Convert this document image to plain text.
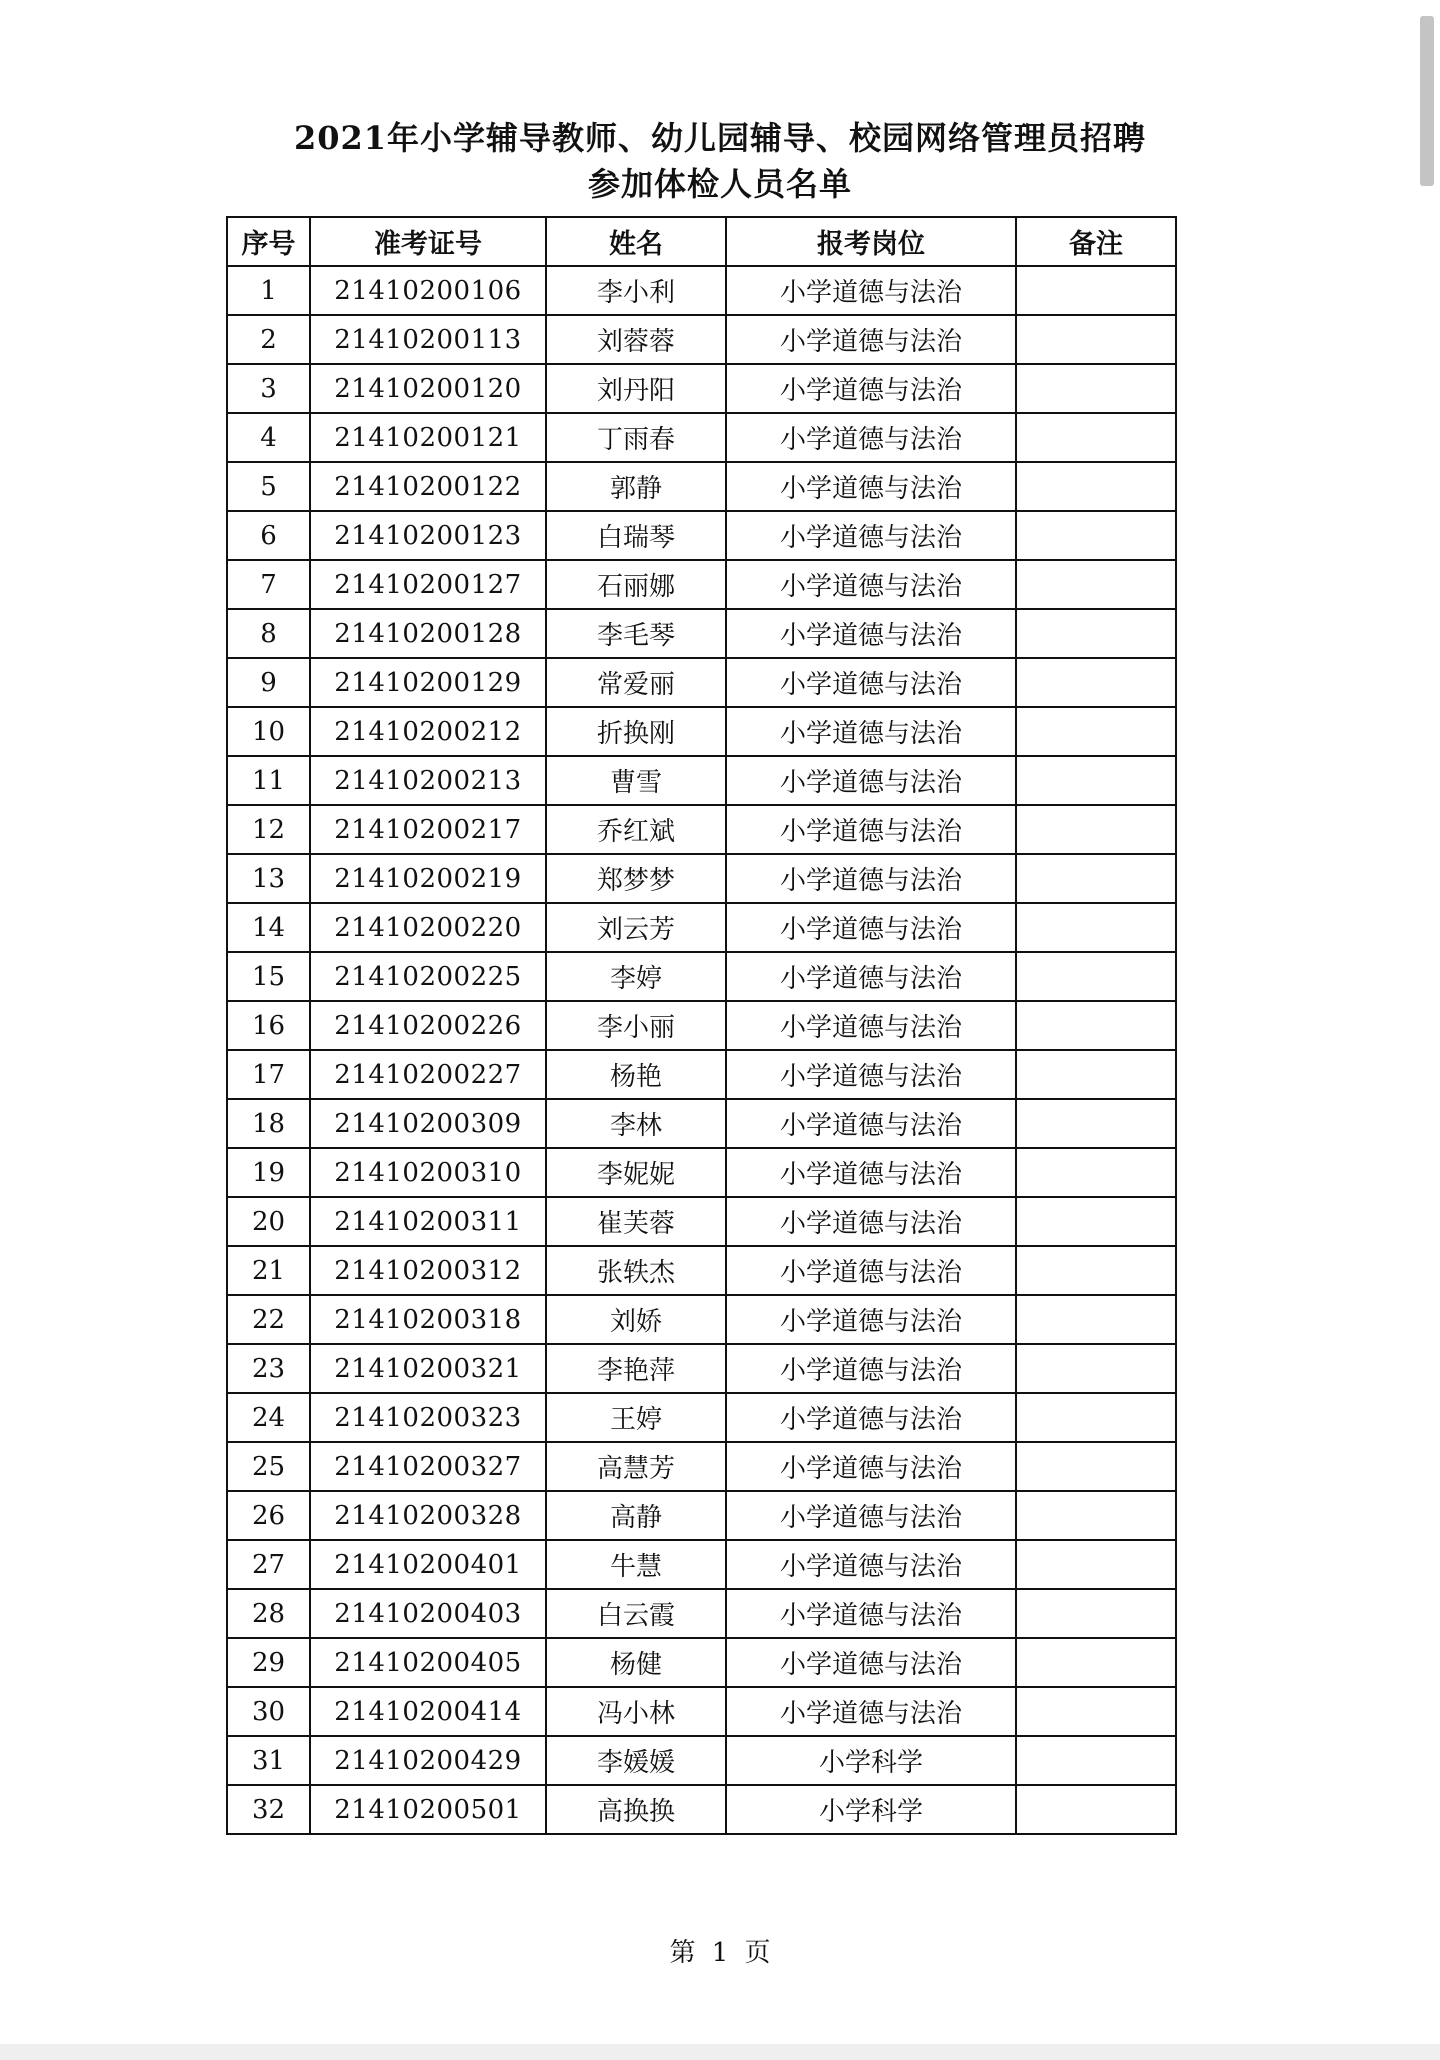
2021年小学辅导教师、幼儿园辅导、校园网络管理员招聘
参加体检人员名单
序号	准考证号	姓名	报考岗位	备注
1	21410200106	李小利	小学道德与法治	
2	21410200113	刘蓉蓉	小学道德与法治	
3	21410200120	刘丹阳	小学道德与法治	
4	21410200121	丁雨春	小学道德与法治	
5	21410200122	郭静	小学道德与法治	
6	21410200123	白瑞琴	小学道德与法治	
7	21410200127	石丽娜	小学道德与法治	
8	21410200128	李毛琴	小学道德与法治	
9	21410200129	常爱丽	小学道德与法治	
10	21410200212	折换刚	小学道德与法治	
11	21410200213	曹雪	小学道德与法治	
12	21410200217	乔红斌	小学道德与法治	
13	21410200219	郑梦梦	小学道德与法治	
14	21410200220	刘云芳	小学道德与法治	
15	21410200225	李婷	小学道德与法治	
16	21410200226	李小丽	小学道德与法治	
17	21410200227	杨艳	小学道德与法治	
18	21410200309	李林	小学道德与法治	
19	21410200310	李妮妮	小学道德与法治	
20	21410200311	崔芙蓉	小学道德与法治	
21	21410200312	张轶杰	小学道德与法治	
22	21410200318	刘娇	小学道德与法治	
23	21410200321	李艳萍	小学道德与法治	
24	21410200323	王婷	小学道德与法治	
25	21410200327	高慧芳	小学道德与法治	
26	21410200328	高静	小学道德与法治	
27	21410200401	牛慧	小学道德与法治	
28	21410200403	白云霞	小学道德与法治	
29	21410200405	杨健	小学道德与法治	
30	21410200414	冯小林	小学道德与法治	
31	21410200429	李媛媛	小学科学	
32	21410200501	高换换	小学科学	
第 1 页
